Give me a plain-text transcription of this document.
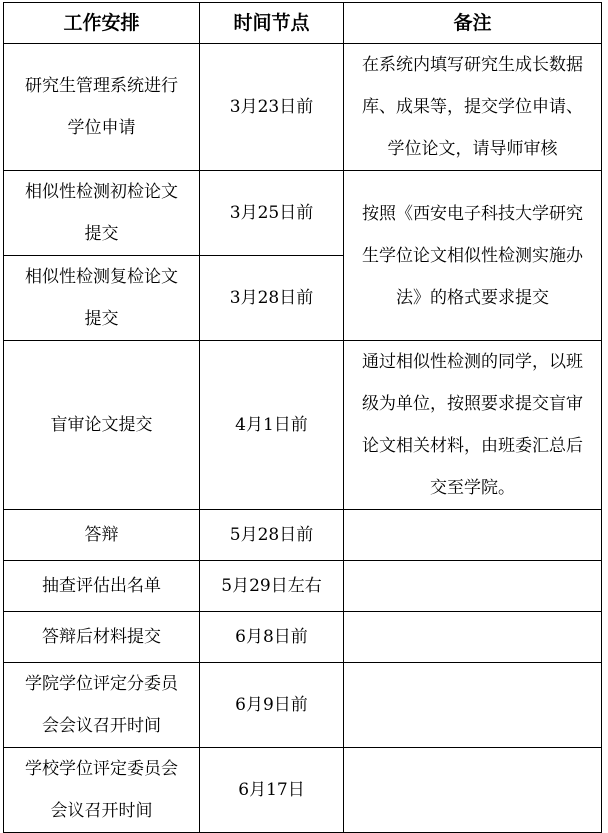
工作安排	时间节点	备注

研究生管理系统进行
学位申请	3月23日前	在系统内填写研究生成长数据
库、成果等，提交学位申请、
学位论文，请导师审核

相似性检测初检论文
提交	3月25日前	按照《西安电子科技大学研究
生学位论文相似性检测实施办
法》的格式要求提交

相似性检测复检论文
提交	3月28日前	

盲审论文提交	4月1日前	通过相似性检测的同学，以班
级为单位，按照要求提交盲审
论文相关材料，由班委汇总后
交至学院。

答辩	5月28日前	

抽查评估出名单	5月29日左右	

答辩后材料提交	6月8日前	

学院学位评定分委员
会会议召开时间	6月9日前	

学校学位评定委员会
会议召开时间	6月17日	
